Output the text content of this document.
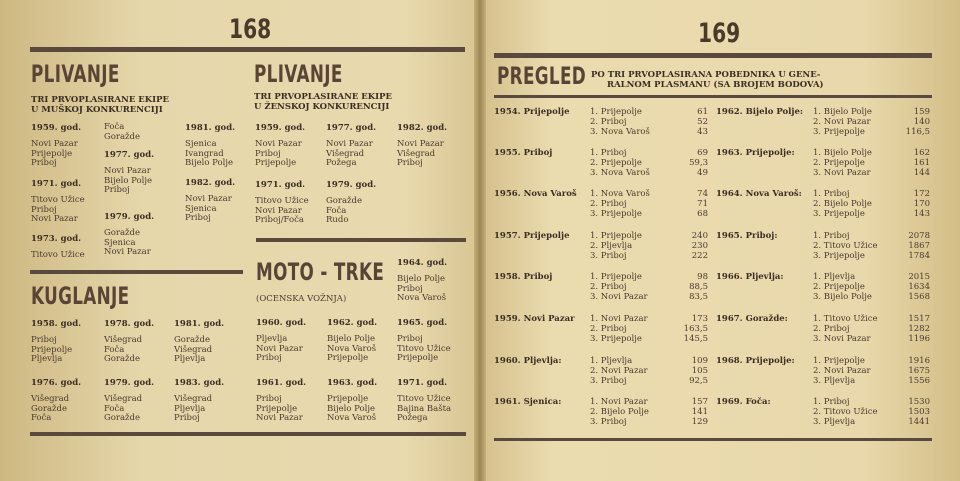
168
PLIVANJE
TRI PRVOPLASIRANE EKIPE
U MUŠKOJ KONKURENCIJI
PLIVANJE
TRI PRVOPLASIRANE EKIPE
U ŽENSKOJ KONKURENCIJI
KUGLANJE
MOTO - TRKE
(OCENSKA VOŽNJA)
169
PREGLED PO TRI PRVOPLASIRANA POBEDNIKA U GENE-
RALNOM PLASMANU (SA BROJEM BODOVA)
1959. god.
Novi Pazar
Prijepolje
Priboj
1971. god.
Titovo Užice
Priboj
Novi Pazar
1973. god.
Titovo Užice
Foča
Goražde
1977. god.
Novi Pazar
Bijelo Polje
Priboj
1979. god.
Goražde
Sjenica
Novi Pazar
1981. god.
Sjenica
Ivangrad
Bijelo Polje
1982. god.
Novi Pazar
Sjenica
Priboj
1959. god.
Novi Pazar
Priboj
Prijepolje
1977. god.
Novi Pazar
Višegrad
Požega
1982. god.
Novi Pazar
Višegrad
Priboj
1971. god.
Titovo Užice
Novi Pazar
Priboj/Foča
1979. god.
Goražde
Foča
Rudo
1958. god.
Priboj
Prijepolje
Pljevlja
1978. god.
Višegrad
Foča
Goražde
1981. god.
Goražde
Višegrad
Pljevlja
1976. god.
Višegrad
Goražde
Foča
1979. god.
Višegrad
Foča
Goražde
1983. god.
Višegrad
Pljevlja
Priboj
1964. god.
Bijelo Polje
Priboj
Nova Varoš
1960. god.
Pljevlja
Novi Pazar
Priboj
1962. god.
Bijelo Polje
Nova Varoš
Prijepolje
1965. god.
Priboj
Titovo Užice
Prijepolje
1961. god.
Priboj
Prijepolje
Novi Pazar
1963. god.
Prijepolje
Bijelo Polje
Nova Varoš
1971. god.
Titovo Užice
Bajina Bašta
Požega
1954. Prijepolje 1. Prijepolje	61
2. Priboj	52
3. Nova Varoš	43
1955. Priboj	1. Priboj	69
2. Prijepolje	59,3
3. Nova Varoš	49
1956. Nova Varoš 1. Nova Varoš	74
2. Priboj	71
3. Prijepolje	68
1957. Prijepolje 1. Prijepolje	240
2. Pljevlja	230
3. Priboj	222
1958. Priboj	1. Prijepolje	98
2. Priboj	88,5
3. Novi Pazar	83,5
1959. Novi Pazar 1. Novi Pazar	173
2. Priboj	163,5
3. Prijepolje	145,5
1960. Pljevlja:	1. Pljevlja	109
2. Novi Pazar	105
3. Priboj	92,5
1961. Sjenica:	1. Novi Pazar	157
2. Bijelo Polje	141
3. Priboj	129
1962. Bijelo Polje: 1. Bijelo Polje	159
2. Novi Pazar	140
3. Prijepolje	116,5
1963. Prijepolje: 1. Bijelo Polje	162
2. Prijepolje	161
3. Novi Pazar	144
1964. Nova Varoš: 1. Priboj	172
2. Bijelo Polje	170
3. Prijepolje	143
1965. Priboj:	1. Priboj	2078
2. Titovo Užice	1867
3. Prijepolje	1784
1966. Pljevlja:	1. Pljevlja	2015
2. Prijepolje	1634
3. Bijelo Polje	1568
1967. Goražde:	1. Titovo Užice	1517
2. Priboj	1282
3. Novi Pazar	1196
1968. Prijepolje: 1. Prijepolje	1916
2. Novi Pazar	1675
3. Pljevlja	1556
1969. Foča:	1. Priboj	1530
2. Titovo Užice	1503
3. Pljevlja	1441
